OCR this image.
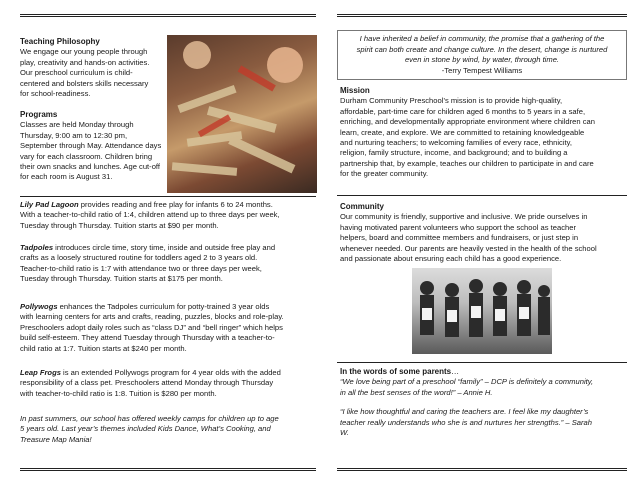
Teaching Philosophy

We engage our young people through

play, creativity and hands-on activities.

Our preschool curriculum is child-

centered and bolsters skills necessary

for school-readiness.

Programs

Classes are held Monday through

Thursday, 9:00 am to 12:30 pm,

September through May. Attendance days

vary for each classroom. Children bring

their own snacks and lunches. Age cut-off

for each room is August 31.

Lily Pad Lagoon provides reading and free play for infants 6 to 24 months.

With a teacher-to-child ratio of 1:4, children attend up to three days per week,

Tuesday through Thursday. Tuition starts at $90 per month.

Tadpoles introduces circle time, story time, inside and outside free play and

crafts as a loosely structured routine for toddlers aged 2 to 3 years old.

Teacher-to-child ratio is 1:7 with attendance two or three days per week,

Tuesday through Thursday. Tuition starts at $175 per month.

Pollywogs enhances the Tadpoles curriculum for potty-trained 3 year olds

with learning centers for arts and crafts, reading, puzzles, blocks and role-play.

Preschoolers adopt daily roles such as “class DJ” and “bell ringer” which helps

build self-esteem. They attend Tuesday through Thursday with a teacher-to-

child ratio at 1:7. Tuition starts at $240 per month.

Leap Frogs is an extended Pollywogs program for 4 year olds with the added

responsibility of a class pet. Preschoolers attend Monday through Thursday

with teacher-to-child ratio is 1:8. Tuition is $280 per month.

In past summers, our school has offered weekly camps for children up to age

5 years old. Last year’s themes included Kids Dance, What’s Cooking, and

Treasure Map Mania!

I have inherited a belief in community, the promise that a gathering of the

spirit can both create and change culture. In the desert, change is nurtured

even in stone by wind, by water, through time.

-Terry Tempest Williams

Mission

Durham Community Preschool’s mission is to provide high-quality,

affordable, part-time care for children aged 6 months to 5 years in a safe,

enriching, and developmentally appropriate environment where children can

learn, create, and explore. We are committed to retaining knowledgeable

and nurturing teachers; to welcoming families of every race, ethnicity,

religion, family structure, income, and background; and to building a

partnership that, by example, teaches our children to participate in and care

for the greater community.

Community

Our community is friendly, supportive and inclusive. We pride ourselves in

having motivated parent volunteers who support the school as teacher

helpers, board and committee members and fundraisers, or just step in

whenever needed. Our parents are heavily vested in the health of the school

and passionate about ensuring each child has a good experience.

In the words of some parents…

“We love being part of a preschool “family” – DCP is definitely a community,

in all the best senses of the word!” – Annie H.

“I like how thoughtful and caring the teachers are. I feel like my daughter’s

teacher really understands who she is and nurtures her strengths.” – Sarah

W.
